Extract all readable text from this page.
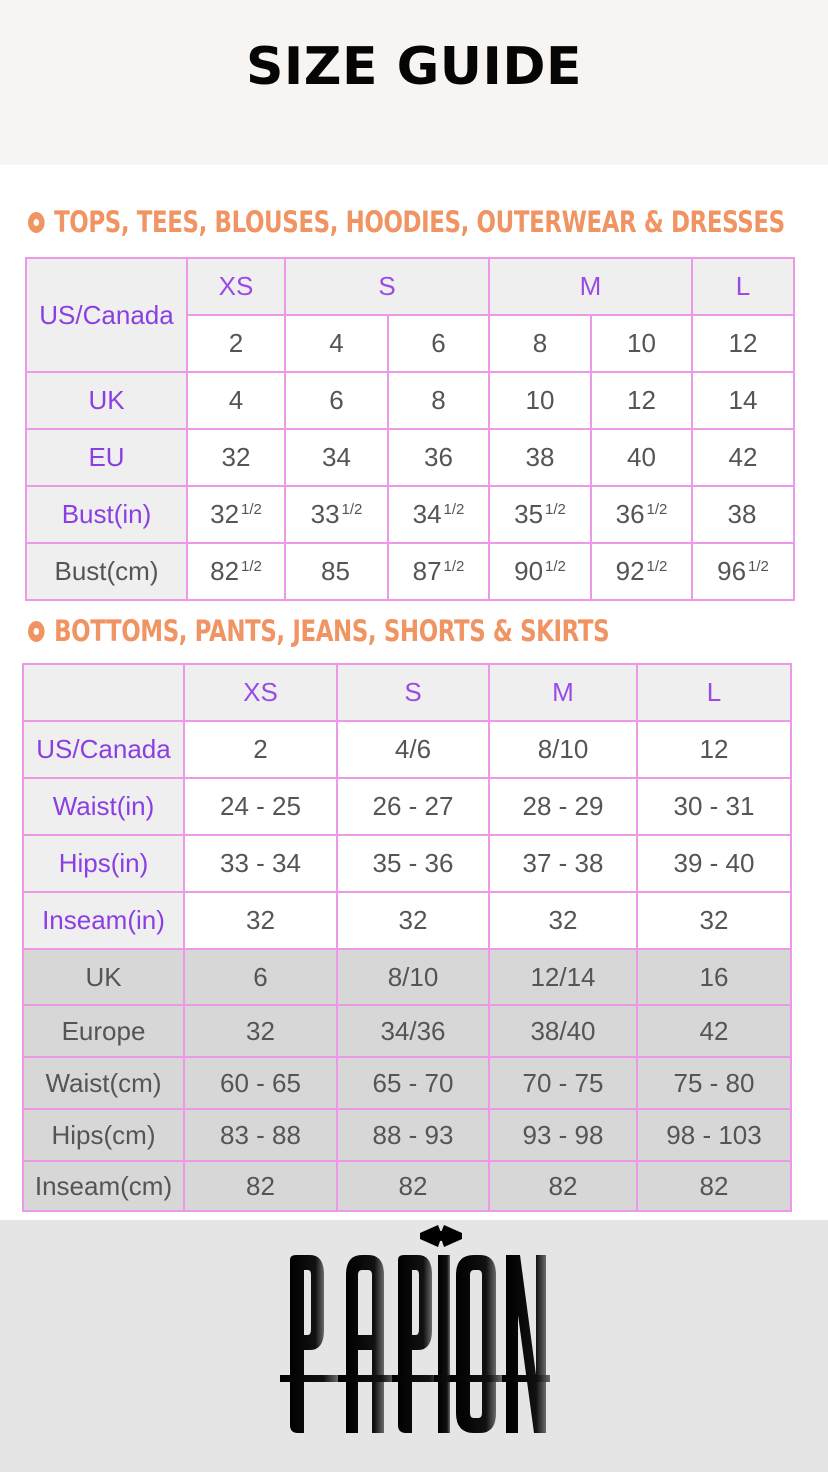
SIZE GUIDE
TOPS, TEES, BLOUSES, HOODIES, OUTERWEAR & DRESSES
US/Canada	XS	S		M		L
	2	4	6	8	10	12
UK	4	6	8	10	12	14
EU	32	34	36	38	40	42
Bust(in)	32 $^{1/2}$	33 $^{1/2}$	34 $^{1/2}$	35 $^{1/2}$	36 $^{1/2}$	38
Bust(cm)	82 $^{1/2}$	85	87 $^{1/2}$	90 $^{1/2}$	92 $^{1/2}$	96 $^{1/2}$
BOTTOMS, PANTS, JEANS, SHORTS & SKIRTS
	XS	S	M	L
US/Canada	2	4/6	8/10	12
Waist(in)	24 - 25	26 - 27	28 - 29	30 - 31
Hips(in)	33 - 34	35 - 36	37 - 38	39 - 40
Inseam(in)	32	32	32	32
UK	6	8/10	12/14	16
Europe	32	34/36	38/40	42
Waist(cm)	60 - 65	65 - 70	70 - 75	75 - 80
Hips(cm)	83 - 88	88 - 93	93 - 98	98 - 103
Inseam(cm)	82	82	82	82
